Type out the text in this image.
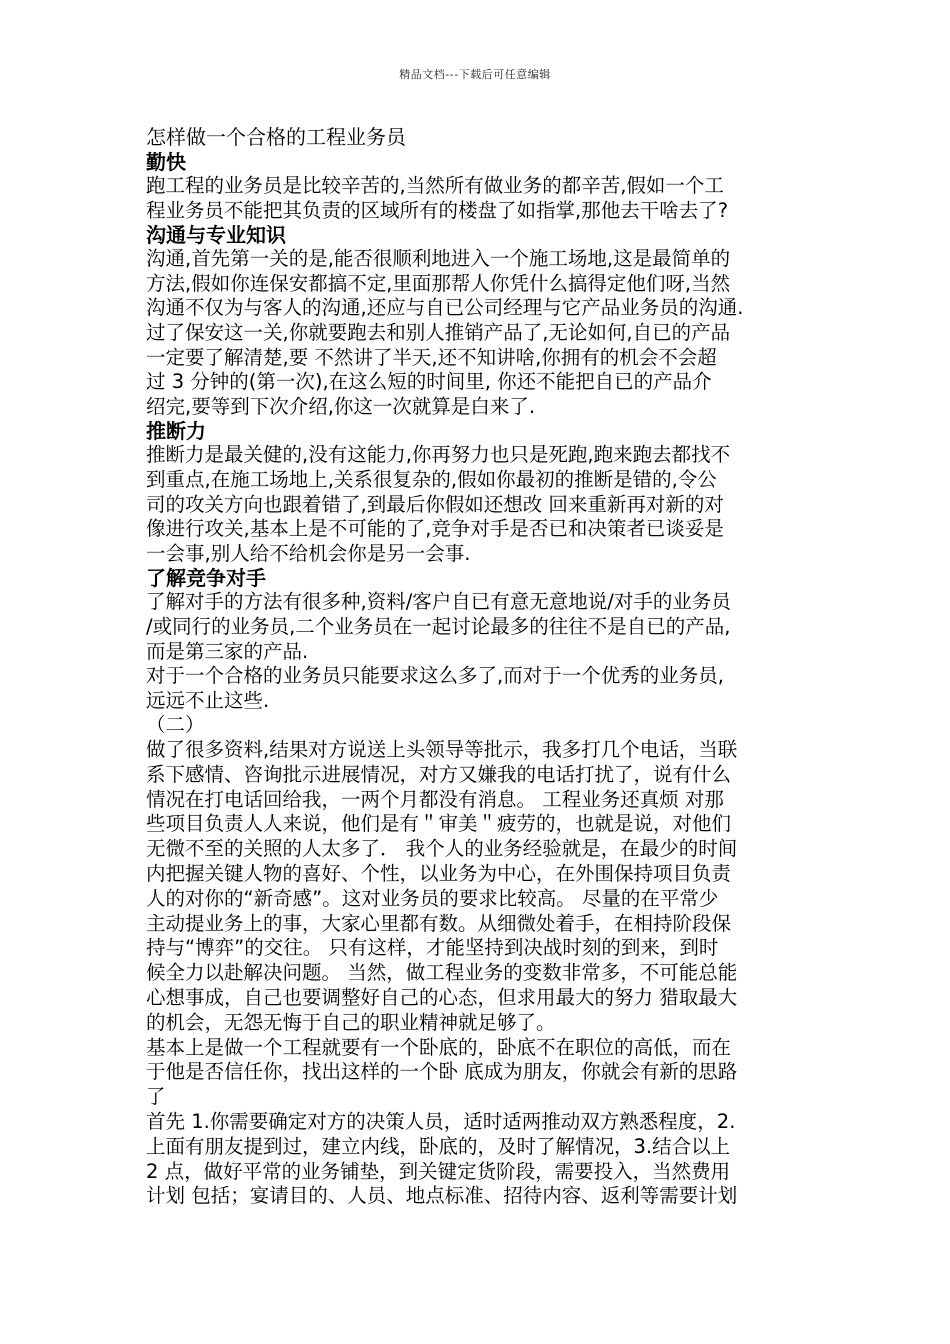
精品文档---下载后可任意编辑
怎样做一个合格的工程业务员
勤快
跑工程的业务员是比较辛苦的,当然所有做业务的都辛苦,假如一个工
程业务员不能把其负责的区域所有的楼盘了如指掌,那他去干啥去了?
沟通与专业知识
沟通,首先第一关的是,能否很顺利地进入一个施工场地,这是最简单的
方法,假如你连保安都搞不定,里面那帮人你凭什么搞得定他们呀,当然
沟通不仅为与客人的沟通,还应与自已公司经理与它产品业务员的沟通.
过了保安这一关,你就要跑去和别人推销产品了,无论如何,自已的产品
一定要了解清楚,要 不然讲了半天,还不知讲啥,你拥有的机会不会超
过 3 分钟的(第一次),在这么短的时间里, 你还不能把自已的产品介
绍完,要等到下次介绍,你这一次就算是白来了.
推断力
推断力是最关健的,没有这能力,你再努力也只是死跑,跑来跑去都找不
到重点,在施工场地上,关系很复杂的,假如你最初的推断是错的,令公
司的攻关方向也跟着错了,到最后你假如还想改 回来重新再对新的对
像进行攻关,基本上是不可能的了,竞争对手是否已和决策者已谈妥是
一会事,别人给不给机会你是另一会事.
了解竞争对手
了解对手的方法有很多种,资料/客户自已有意无意地说/对手的业务员
/或同行的业务员,二个业务员在一起讨论最多的往往不是自已的产品,
而是第三家的产品.
对于一个合格的业务员只能要求这么多了,而对于一个优秀的业务员,
远远不止这些.
（二）
做了很多资料,结果对方说送上头领导等批示，我多打几个电话，当联
系下感情、咨询批示进展情况，对方又嫌我的电话打扰了，说有什么
情况在打电话回给我，一两个月都没有消息。 工程业务还真烦 对那
些项目负责人人来说，他们是有＂审美＂疲劳的，也就是说，对他们
无微不至的关照的人太多了． 我个人的业务经验就是，在最少的时间
内把握关键人物的喜好、个性，以业务为中心，在外围保持项目负责
人的对你的“新奇感”。这对业务员的要求比较高。 尽量的在平常少
主动提业务上的事，大家心里都有数。从细微处着手，在相持阶段保
持与“博弈”的交往。 只有这样，才能坚持到决战时刻的到来，到时
候全力以赴解决问题。 当然，做工程业务的变数非常多，不可能总能
心想事成，自己也要调整好自己的心态，但求用最大的努力 猎取最大
的机会，无怨无悔于自己的职业精神就足够了。
基本上是做一个工程就要有一个卧底的，卧底不在职位的高低，而在
于他是否信任你，找出这样的一个卧 底成为朋友，你就会有新的思路
了
首先 1.你需要确定对方的决策人员，适时适两推动双方熟悉程度，2.
上面有朋友提到过，建立内线，卧底的，及时了解情况，3.结合以上
2 点，做好平常的业务铺垫，到关键定货阶段，需要投入，当然费用
计划 包括；宴请目的、人员、地点标准、招待内容、返利等需要计划
